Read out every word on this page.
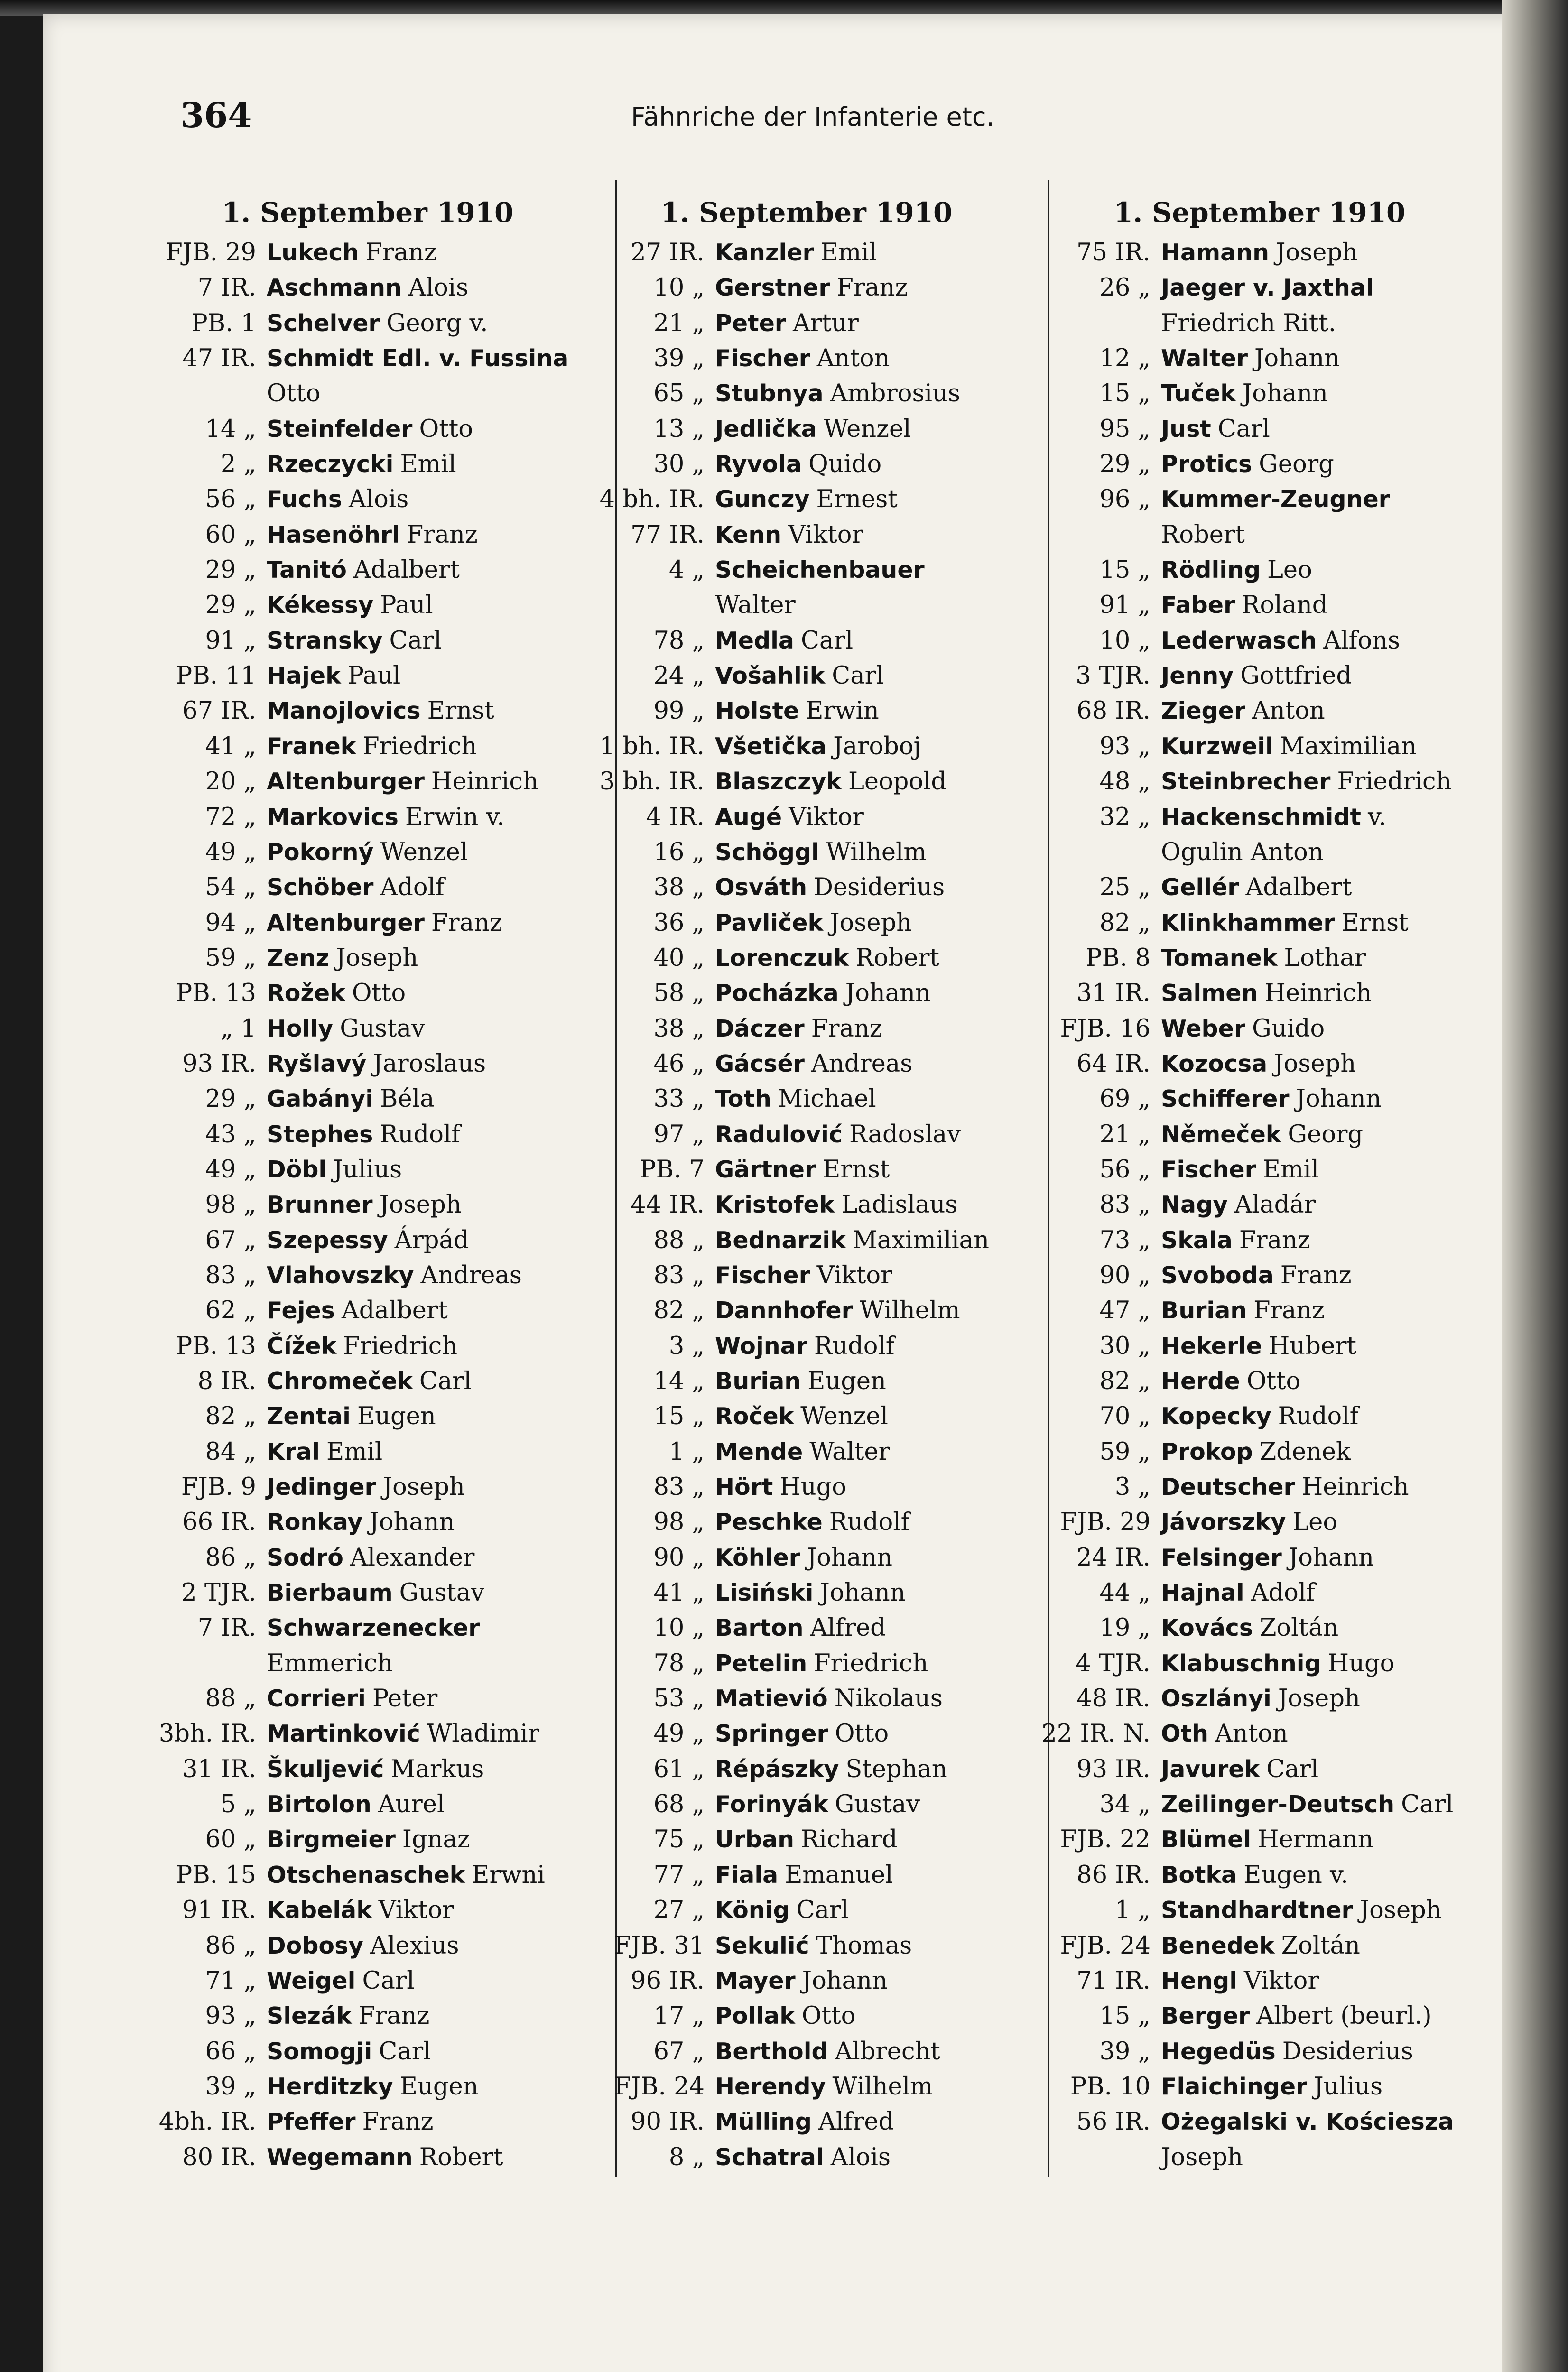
364	Fähnriche der Infanterie etc.
1. September 1910
FJB. 29 Lukech Franz
7 IR. Aschmann Alois
PB. 1 Schelver Georg v.
47 IR. Schmidt Edl. v. Fussina
Otto
14 „ Steinfelder Otto
2 „ Rzeczycki Emil
56 „ Fuchs Alois
60 „ Hasenöhrl Franz
29 „ Tanitó Adalbert
29 „ Kékessy Paul
91 „ Stransky Carl
PB. 11 Hajek Paul
67 IR. Manojlovics Ernst
41 „ Franek Friedrich
20 „ Altenburger Heinrich
72 „ Markovics Erwin v.
49 „ Pokorný Wenzel
54 „ Schöber Adolf
94 „ Altenburger Franz
59 „ Zenz Joseph
PB. 13 Rožek Otto
„ 1 Holly Gustav
93 IR. Ryšlavý Jaroslaus
29 „ Gabányi Béla
43 „ Stephes Rudolf
49 „ Döbl Julius
98 „ Brunner Joseph
67 „ Szepessy Árpád
83 „ Vlahovszky Andreas
62 „ Fejes Adalbert
PB. 13 Čížek Friedrich
8 IR. Chromeček Carl
82 „ Zentai Eugen
84 „ Kral Emil
FJB. 9 Jedinger Joseph
66 IR. Ronkay Johann
86 „ Sodró Alexander
2 TJR. Bierbaum Gustav
7 IR. Schwarzenecker
Emmerich
88 „ Corrieri Peter
3bh. IR. Martinković Wladimir
31 IR. Škuljević Markus
5 „ Birtolon Aurel
60 „ Birgmeier Ignaz
PB. 15 Otschenaschek Erwni
91 IR. Kabelák Viktor
86 „ Dobosy Alexius
71 „ Weigel Carl
93 „ Slezák Franz
66 „ Somogji Carl
39 „ Herditzky Eugen
4bh. IR. Pfeffer Franz
80 IR. Wegemann Robert
1. September 1910
27 IR. Kanzler Emil
10 „ Gerstner Franz
21 „ Peter Artur
39 „ Fischer Anton
65 „ Stubnya Ambrosius
13 „ Jedlička Wenzel
30 „ Ryvola Quido
4 bh. IR. Gunczy Ernest
77 IR. Kenn Viktor
4 „ Scheichenbauer
Walter
78 „ Medla Carl
24 „ Vošahlik Carl
99 „ Holste Erwin
1 bh. IR. Všetička Jaroboj
3 bh. IR. Blaszczyk Leopold
4 IR. Augé Viktor
16 „ Schöggl Wilhelm
38 „ Osváth Desiderius
36 „ Pavliček Joseph
40 „ Lorenczuk Robert
58 „ Pocházka Johann
38 „ Dáczer Franz
46 „ Gácsér Andreas
33 „ Toth Michael
97 „ Radulović Radoslav
PB. 7 Gärtner Ernst
44 IR. Kristofek Ladislaus
88 „ Bednarzik Maximilian
83 „ Fischer Viktor
82 „ Dannhofer Wilhelm
3 „ Wojnar Rudolf
14 „ Burian Eugen
15 „ Roček Wenzel
1 „ Mende Walter
83 „ Hört Hugo
98 „ Peschke Rudolf
90 „ Köhler Johann
41 „ Lisiński Johann
10 „ Barton Alfred
78 „ Petelin Friedrich
53 „ Matievió Nikolaus
49 „ Springer Otto
61 „ Répászky Stephan
68 „ Forinyák Gustav
75 „ Urban Richard
77 „ Fiala Emanuel
27 „ König Carl
FJB. 31 Sekulić Thomas
96 IR. Mayer Johann
17 „ Pollak Otto
67 „ Berthold Albrecht
FJB. 24 Herendy Wilhelm
90 IR. Mülling Alfred
8 „ Schatral Alois
1. September 1910
75 IR. Hamann Joseph
26 „ Jaeger v. Jaxthal
Friedrich Ritt.
12 „ Walter Johann
15 „ Tuček Johann
95 „ Just Carl
29 „ Protics Georg
96 „ Kummer-Zeugner
Robert
15 „ Rödling Leo
91 „ Faber Roland
10 „ Lederwasch Alfons
3 TJR. Jenny Gottfried
68 IR. Zieger Anton
93 „ Kurzweil Maximilian
48 „ Steinbrecher Friedrich
32 „ Hackenschmidt v.
Ogulin Anton
25 „ Gellér Adalbert
82 „ Klinkhammer Ernst
PB. 8 Tomanek Lothar
31 IR. Salmen Heinrich
FJB. 16 Weber Guido
64 IR. Kozocsa Joseph
69 „ Schifferer Johann
21 „ Němeček Georg
56 „ Fischer Emil
83 „ Nagy Aladár
73 „ Skala Franz
90 „ Svoboda Franz
47 „ Burian Franz
30 „ Hekerle Hubert
82 „ Herde Otto
70 „ Kopecky Rudolf
59 „ Prokop Zdenek
3 „ Deutscher Heinrich
FJB. 29 Jávorszky Leo
24 IR. Felsinger Johann
44 „ Hajnal Adolf
19 „ Kovács Zoltán
4 TJR. Klabuschnig Hugo
48 IR. Oszlányi Joseph
22 IR. N. Oth Anton
93 IR. Javurek Carl
34 „ Zeilinger-Deutsch Carl
FJB. 22 Blümel Hermann
86 IR. Botka Eugen v.
1 „ Standhardtner Joseph
FJB. 24 Benedek Zoltán
71 IR. Hengl Viktor
15 „ Berger Albert (beurl.)
39 „ Hegedüs Desiderius
PB. 10 Flaichinger Julius
56 IR. Ożegalski v. Kościesza
Joseph
